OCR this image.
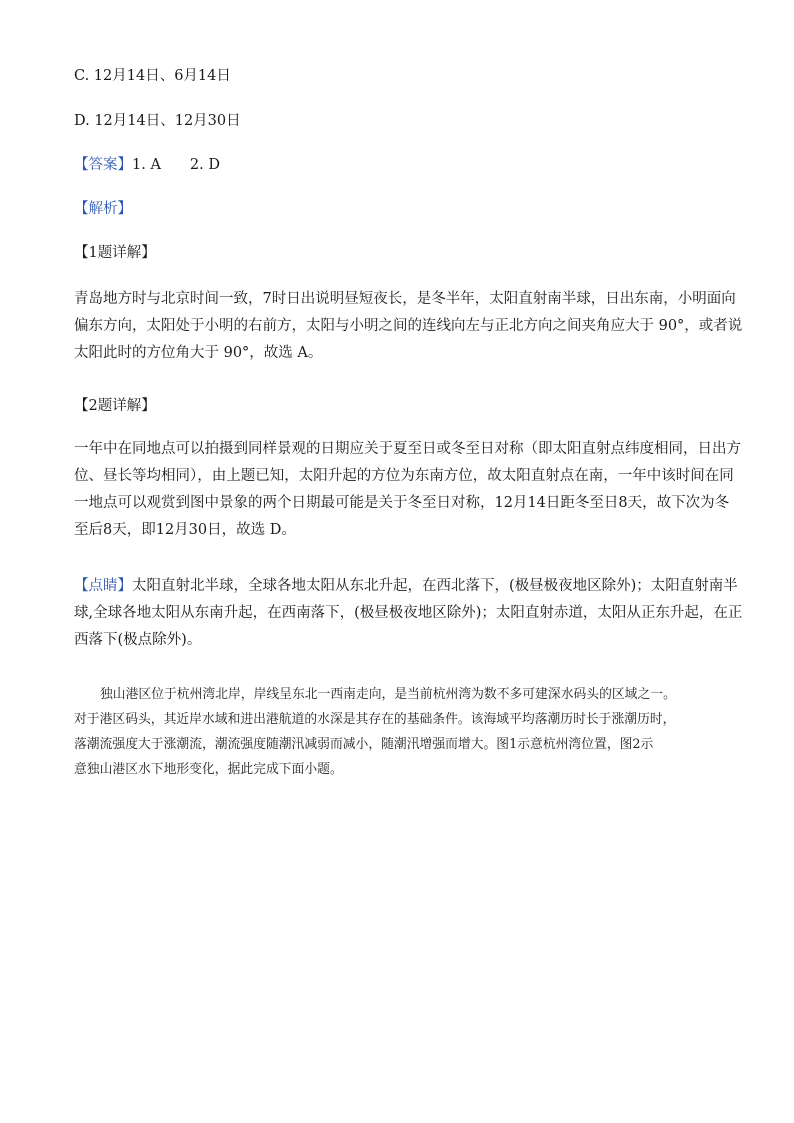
C. 12月14日、6月14日
D. 12月14日、12月30日
【答案】1. A　　2. D
【解析】
【1题详解】
青岛地方时与北京时间一致，7时日出说明昼短夜长，是冬半年，太阳直射南半球，日出东南，小明面向
偏东方向，太阳处于小明的右前方，太阳与小明之间的连线向左与正北方向之间夹角应大于 90°，或者说
太阳此时的方位角大于 90°，故选 A。
【2题详解】
一年中在同地点可以拍摄到同样景观的日期应关于夏至日或冬至日对称（即太阳直射点纬度相同，日出方
位、昼长等均相同），由上题已知，太阳升起的方位为东南方位，故太阳直射点在南，一年中该时间在同
一地点可以观赏到图中景象的两个日期最可能是关于冬至日对称，12月14日距冬至日8天，故下次为冬
至后8天，即12月30日，故选 D。
【点睛】太阳直射北半球，全球各地太阳从东北升起，在西北落下，(极昼极夜地区除外)；太阳直射南半
球,全球各地太阳从东南升起，在西南落下，(极昼极夜地区除外)；太阳直射赤道，太阳从正东升起，在正
西落下(极点除外)。
独山港区位于杭州湾北岸，岸线呈东北一西南走向，是当前杭州湾为数不多可建深水码头的区域之一。
对于港区码头，其近岸水域和进出港航道的水深是其存在的基础条件。该海域平均落潮历时长于涨潮历时，
落潮流强度大于涨潮流，潮流强度随潮汛减弱而减小，随潮汛增强而增大。图1示意杭州湾位置，图2示
意独山港区水下地形变化，据此完成下面小题。
